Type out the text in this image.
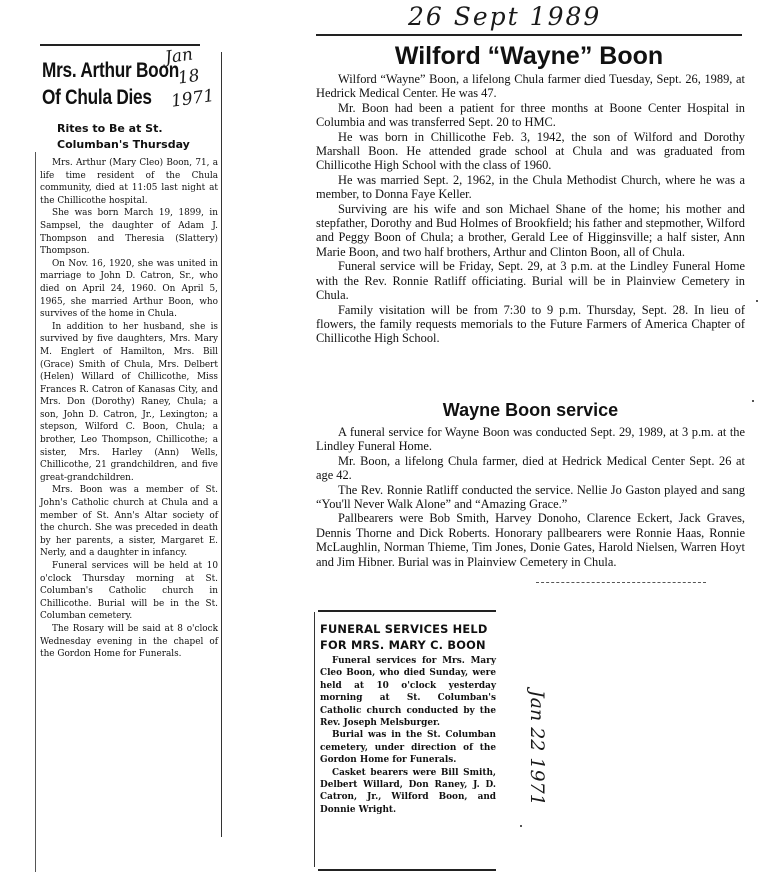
Mrs. Arthur Boon
Of Chula Dies
Rites to Be at St.
Columban's Thursday

Mrs. Arthur (Mary Cleo) Boon, 71, a life time resident of the Chula community, died at 11:05 last night at the Chillicothe hospital.

She was born March 19, 1899, in Sampsel, the daughter of Adam J. Thompson and Theresia (Slattery) Thompson.

On Nov. 16, 1920, she was united in marriage to John D. Catron, Sr., who died on April 24, 1960. On April 5, 1965, she married Arthur Boon, who survives of the home in Chula.

In addition to her husband, she is survived by five daughters, Mrs. Mary M. Englert of Hamilton, Mrs. Bill (Grace) Smith of Chula, Mrs. Delbert (Helen) Willard of Chillicothe, Miss Frances R. Catron of Kanasas City, and Mrs. Don (Dorothy) Raney, Chula; a son, John D. Catron, Jr., Lexington; a stepson, Wilford C. Boon, Chula; a brother, Leo Thompson, Chillicothe; a sister, Mrs. Harley (Ann) Wells, Chillicothe, 21 grandchildren, and five great-grandchildren.

Mrs. Boon was a member of St. John's Catholic church at Chula and a member of St. Ann's Altar society of the church. She was preceded in death by her parents, a sister, Margaret E. Nerly, and a daughter in infancy.

Funeral services will be held at 10 o'clock Thursday morning at St. Columban's Catholic church in Chillicothe. Burial will be in the St. Columban cemetery.

The Rosary will be said at 8 o'clock Wednesday evening in the chapel of the Gordon Home for Funerals.

Jan
18
1971
26 Sept 1989
Wilford “Wayne” Boon

Wilford “Wayne” Boon, a lifelong Chula farmer died Tuesday, Sept. 26, 1989, at Hedrick Medical Center. He was 47.

Mr. Boon had been a patient for three months at Boone Center Hospital in Columbia and was transferred Sept. 20 to HMC.

He was born in Chillicothe Feb. 3, 1942, the son of Wilford and Dorothy Marshall Boon. He attended grade school at Chula and was graduated from Chillicothe High School with the class of 1960.

He was married Sept. 2, 1962, in the Chula Methodist Church, where he was a member, to Donna Faye Keller.

Surviving are his wife and son Michael Shane of the home; his mother and stepfather, Dorothy and Bud Holmes of Brookfield; his father and stepmother, Wilford and Peggy Boon of Chula; a brother, Gerald Lee of Higginsville; a half sister, Ann Marie Boon, and two half brothers, Arthur and Clinton Boon, all of Chula.

Funeral service will be Friday, Sept. 29, at 3 p.m. at the Lindley Funeral Home with the Rev. Ronnie Ratliff officiating. Burial will be in Plainview Cemetery in Chula.

Family visitation will be from 7:30 to 9 p.m. Thursday, Sept. 28. In lieu of flowers, the family requests memorials to the Future Farmers of America Chapter of Chillicothe High School.

Wayne Boon service

A funeral service for Wayne Boon was conducted Sept. 29, 1989, at 3 p.m. at the Lindley Funeral Home.

Mr. Boon, a lifelong Chula farmer, died at Hedrick Medical Center Sept. 26 at age 42.

The Rev. Ronnie Ratliff conducted the service. Nellie Jo Gaston played and sang “You'll Never Walk Alone” and “Amazing Grace.”

Pallbearers were Bob Smith, Harvey Donoho, Clarence Eckert, Jack Graves, Dennis Thorne and Dick Roberts. Honorary pallbearers were Ronnie Haas, Ronnie McLaughlin, Norman Thieme, Tim Jones, Donie Gates, Harold Nielsen, Warren Hoyt and Jim Hibner. Burial was in Plainview Cemetery in Chula.

FUNERAL SERVICES HELD
FOR MRS. MARY C. BOON

Funeral services for Mrs. Mary Cleo Boon, who died Sunday, were held at 10 o'clock yesterday morning at St. Columban's Catholic church conducted by the Rev. Joseph Melsburger.

Burial was in the St. Columban cemetery, under direction of the Gordon Home for Funerals.

Casket bearers were Bill Smith, Delbert Willard, Don Raney, J. D. Catron, Jr., Wilford Boon, and Donnie Wright.

Jan 22 1971
